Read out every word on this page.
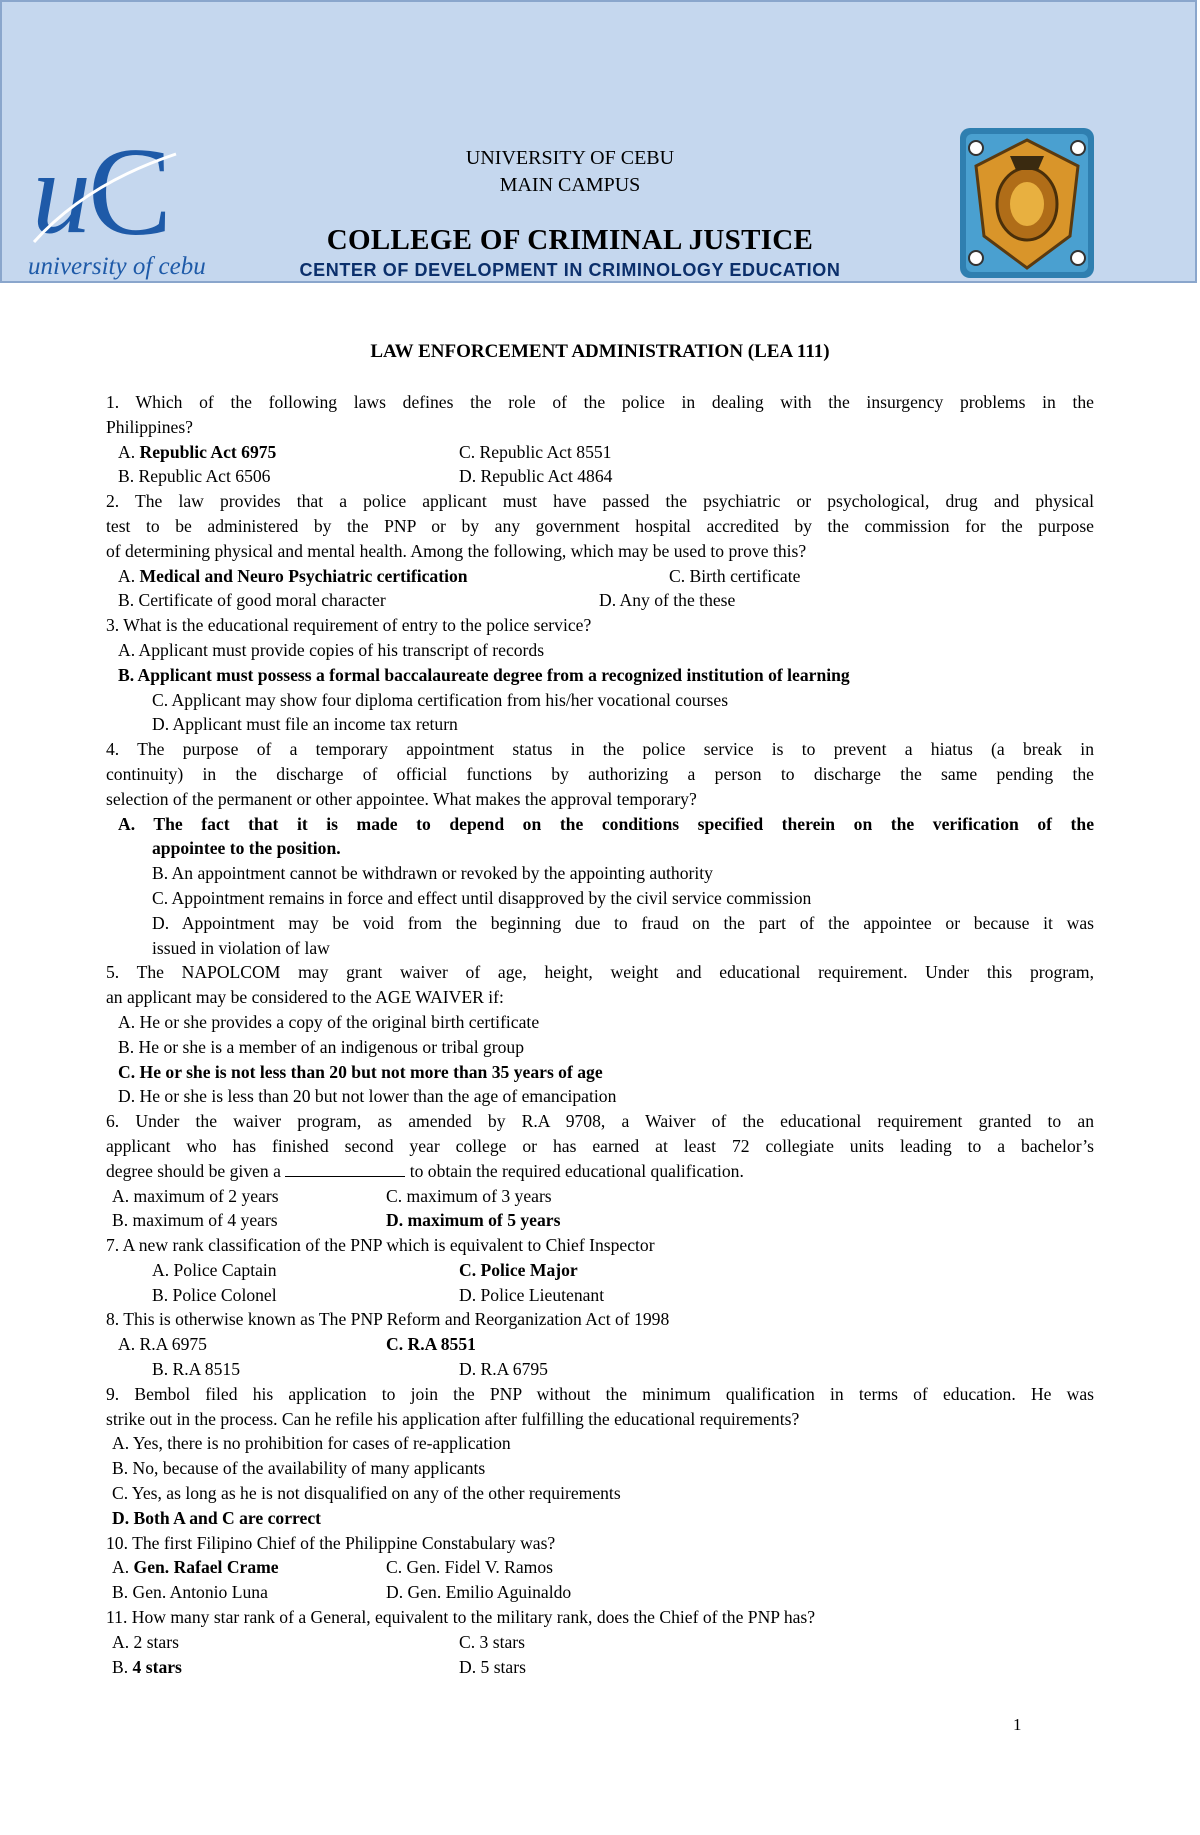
u
C
university of cebu
UNIVERSITY OF CEBU
MAIN CAMPUS
COLLEGE OF CRIMINAL JUSTICE
CENTER OF DEVELOPMENT IN CRIMINOLOGY EDUCATION
LAW ENFORCEMENT ADMINISTRATION (LEA 111)
1. Which of the following laws defines the role of the police in dealing with the insurgency problems in the
Philippines?
A. Republic Act 6975	C. Republic Act 8551
B. Republic Act 6506	D. Republic Act 4864
2. The law provides that a police applicant must have passed the psychiatric or psychological, drug and physical
test to be administered by the PNP or by any government hospital accredited by the commission for the purpose
of determining physical and mental health. Among the following, which may be used to prove this?
A. Medical and Neuro Psychiatric certification	C. Birth certificate
B. Certificate of good moral character	D. Any of the these
3. What is the educational requirement of entry to the police service?
A. Applicant must provide copies of his transcript of records
B. Applicant must possess a formal baccalaureate degree from a recognized institution of learning
C. Applicant may show four diploma certification from his/her vocational courses
D. Applicant must file an income tax return
4. The purpose of a temporary appointment status in the police service is to prevent a hiatus (a break in
continuity) in the discharge of official functions by authorizing a person to discharge the same pending the
selection of the permanent or other appointee. What makes the approval temporary?
A. The fact that it is made to depend on the conditions specified therein on the verification of the
appointee to the position.
B. An appointment cannot be withdrawn or revoked by the appointing authority
C. Appointment remains in force and effect until disapproved by the civil service commission
D. Appointment may be void from the beginning due to fraud on the part of the appointee or because it was
issued in violation of law
5. The NAPOLCOM may grant waiver of age, height, weight and educational requirement. Under this program,
an applicant may be considered to the AGE WAIVER if:
A. He or she provides a copy of the original birth certificate
B. He or she is a member of an indigenous or tribal group
C. He or she is not less than 20 but not more than 35 years of age
D. He or she is less than 20 but not lower than the age of emancipation
6. Under the waiver program, as amended by R.A 9708, a Waiver of the educational requirement granted to an
applicant who has finished second year college or has earned at least 72 collegiate units leading to a bachelor’s
degree should be given a	to obtain the required educational qualification.
A. maximum of 2 years	C. maximum of 3 years
B. maximum of 4 years	D. maximum of 5 years
7. A new rank classification of the PNP which is equivalent to Chief Inspector
A. Police Captain	C. Police Major
B. Police Colonel	D. Police Lieutenant
8. This is otherwise known as The PNP Reform and Reorganization Act of 1998
A. R.A 6975	C. R.A 8551
B. R.A 8515	D. R.A 6795
9. Bembol filed his application to join the PNP without the minimum qualification in terms of education. He was
strike out in the process. Can he refile his application after fulfilling the educational requirements?
A. Yes, there is no prohibition for cases of re-application
B. No, because of the availability of many applicants
C. Yes, as long as he is not disqualified on any of the other requirements
D. Both A and C are correct
10. The first Filipino Chief of the Philippine Constabulary was?
A. Gen. Rafael Crame	C. Gen. Fidel V. Ramos
B. Gen. Antonio Luna	D. Gen. Emilio Aguinaldo
11. How many star rank of a General, equivalent to the military rank, does the Chief of the PNP has?
A. 2 stars	C. 3 stars
B. 4 stars	D. 5 stars
1
